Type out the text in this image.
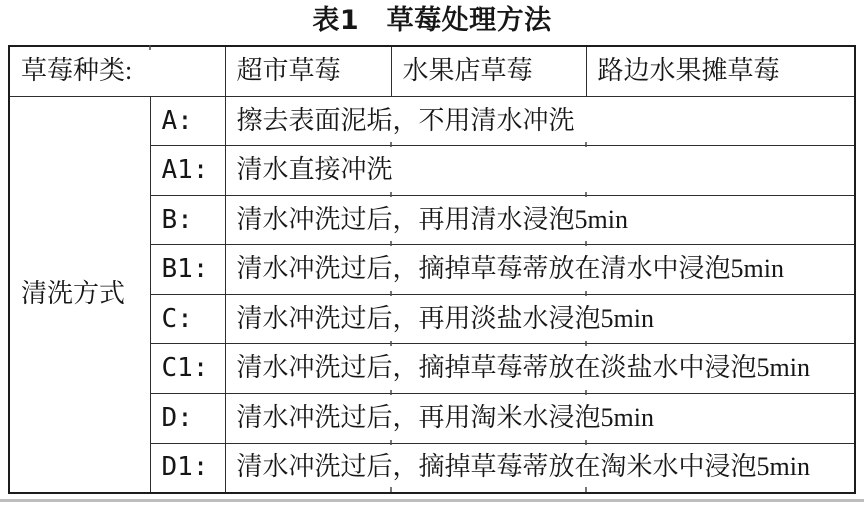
表1　草莓处理方法
草莓种类:		超市草莓	水果店草莓	路边水果摊草莓
清洗方式	A:	擦去表面泥垢，不用清水冲洗		
	A1:	清水直接冲洗		
	B:	清水冲洗过后，再用清水浸泡5min		
	B1:	清水冲洗过后，摘掉草莓蒂放在清水中浸泡5min		
	C:	清水冲洗过后，再用淡盐水浸泡5min		
	C1:	清水冲洗过后，摘掉草莓蒂放在淡盐水中浸泡5min		
	D:	清水冲洗过后，再用淘米水浸泡5min		
	D1:	清水冲洗过后，摘掉草莓蒂放在淘米水中浸泡5min		
